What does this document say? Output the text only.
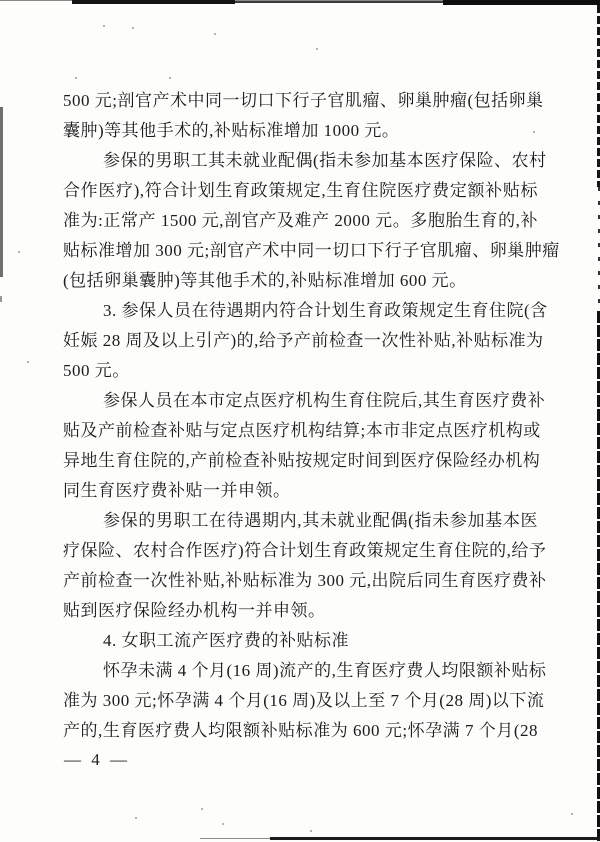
500 元;剖官产术中同一切口下行子官肌瘤、卵巢肿瘤(包括卵巢
囊肿)等其他手术的,补贴标准增加 1000 元。
参保的男职工其未就业配偶(指未参加基本医疗保险、农村
合作医疗),符合计划生育政策规定,生育住院医疗费定额补贴标
准为:正常产 1500 元,剖官产及难产 2000 元。多胞胎生育的,补
贴标准增加 300 元;剖官产术中同一切口下行子官肌瘤、卵巢肿瘤
(包括卵巢囊肿)等其他手术的,补贴标准增加 600 元。
3. 参保人员在待遇期内符合计划生育政策规定生育住院(含
妊娠 28 周及以上引产)的,给予产前检查一次性补贴,补贴标准为
500 元。
参保人员在本市定点医疗机构生育住院后,其生育医疗费补
贴及产前检查补贴与定点医疗机构结算;本市非定点医疗机构或
异地生育住院的,产前检查补贴按规定时间到医疗保险经办机构
同生育医疗费补贴一并申领。
参保的男职工在待遇期内,其未就业配偶(指未参加基本医
疗保险、农村合作医疗)符合计划生育政策规定生育住院的,给予
产前检查一次性补贴,补贴标准为 300 元,出院后同生育医疗费补
贴到医疗保险经办机构一并申领。
4. 女职工流产医疗费的补贴标准
怀孕未满 4 个月(16 周)流产的,生育医疗费人均限额补贴标
准为 300 元;怀孕满 4 个月(16 周)及以上至 7 个月(28 周)以下流
产的,生育医疗费人均限额补贴标准为 600 元;怀孕满 7 个月(28
— 4 —
